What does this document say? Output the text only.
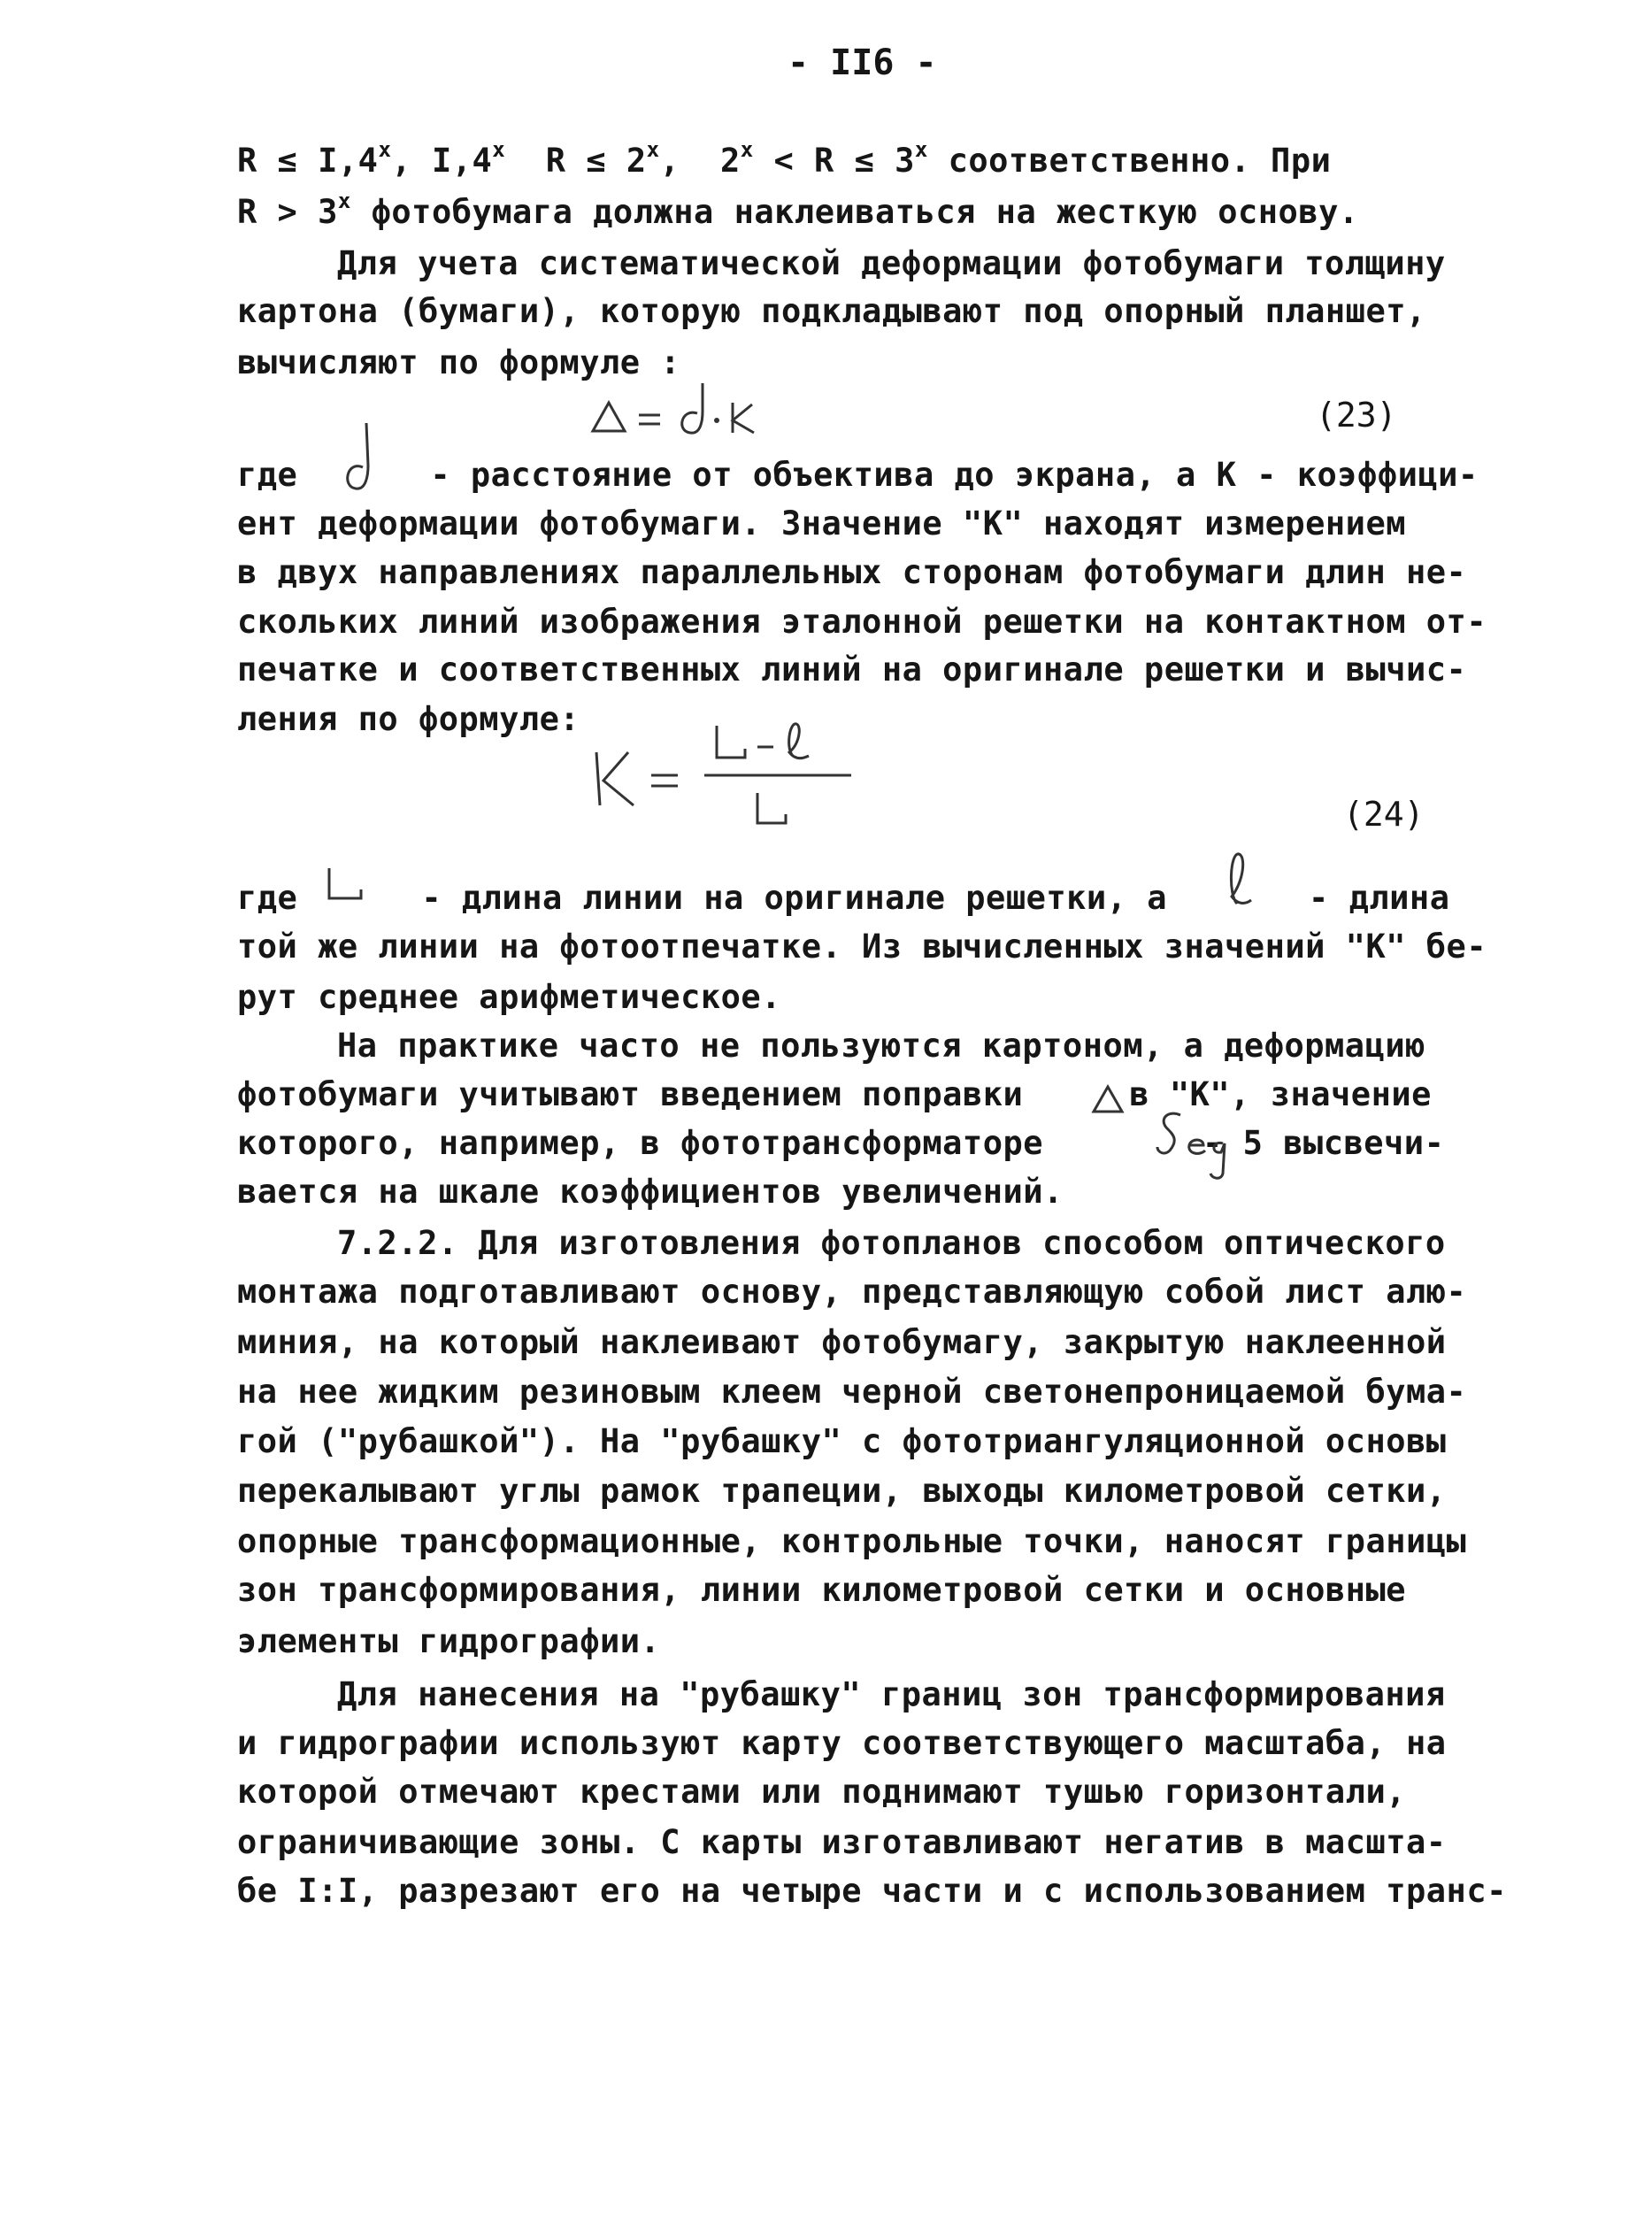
- II6 -
$R \le I,4^x$, I,4$^x$  $R \le 2^x$,  $2^x < R \le 3^x$ соответственно. При
$R > 3^x$ фотобумага должна наклеиваться на жесткую основу.
Для учета систематической деформации фотобумаги толщину
картона (бумаги), которую подкладывают под опорный планшет,
вычисляют по формуле :
(23)
где	- расстояние от объектива до экрана, а К - коэффици-
ент деформации фотобумаги. Значение "К" находят измерением
в двух направлениях параллельных сторонам фотобумаги длин не-
скольких линий изображения эталонной решетки на контактном от-
печатке и соответственных линий на оригинале решетки и вычис-
ления по формуле:
(24)
где	- длина линии на оригинале решетки, а	- длина
той же линии на фотоотпечатке. Из вычисленных значений "К" бе-
рут среднее арифметическое.
На практике часто не пользуются картоном, а деформацию
фотобумаги учитывают введением поправки	в "К", значение
которого, например, в фототрансформаторе	- 5 высвечи-
вается на шкале коэффициентов увеличений.
7.2.2. Для изготовления фотопланов способом оптического
монтажа подготавливают основу, представляющую собой лист алю-
миния, на который наклеивают фотобумагу, закрытую наклеенной
на нее жидким резиновым клеем черной светонепроницаемой бума-
гой ("рубашкой"). На "рубашку" с фототриангуляционной основы
перекалывают углы рамок трапеции, выходы километровой сетки,
опорные трансформационные, контрольные точки, наносят границы
зон трансформирования, линии километровой сетки и основные
элементы гидрографии.
Для нанесения на "рубашку" границ зон трансформирования
и гидрографии используют карту соответствующего масштаба, на
которой отмечают крестами или поднимают тушью горизонтали,
ограничивающие зоны. С карты изготавливают негатив в масшта-
бе I:I, разрезают его на четыре части и с использованием транс-
